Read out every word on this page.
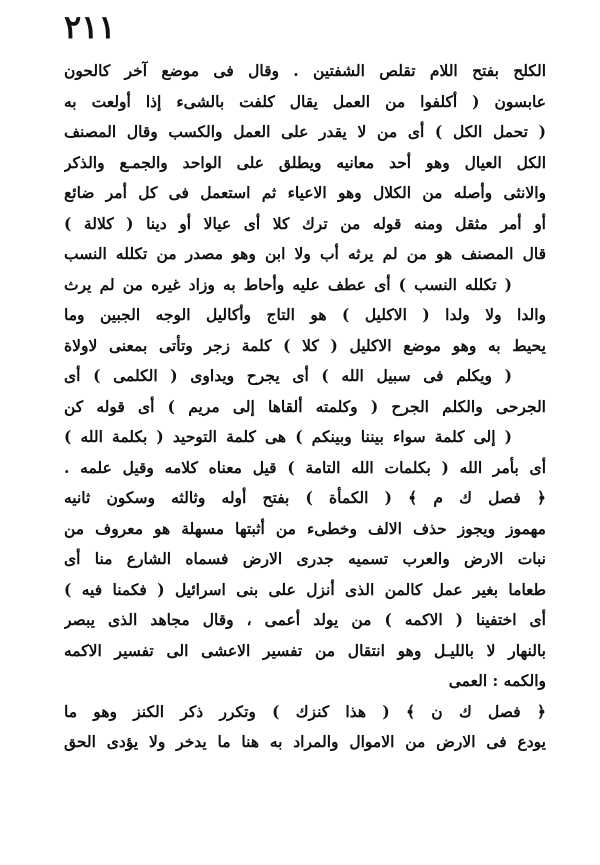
٢١١
الكلح بفتح اللام تقلص الشفتين . وقال فى موضع آخر كالحون
عابسون ( أكلفوا من العمل يقال كلفت بالشىء إذا أولعت به
( تحمل الكل ) أى من لا يقدر على العمل والكسب وقال المصنف
الكل العيال وهو أحد معانيه ويطلق على الواحد والجمـع والذكر
والانثى وأصله من الكلال وهو الاعياء ثم استعمل فى كل أمر ضائع
أو أمر مثقل ومنه قوله من ترك كلا أى عيالا أو دينا ( كلالة )
قال المصنف هو من لم يرثه أب ولا ابن وهو مصدر من تكلله النسب
( تكلله النسب ) أى عطف عليه وأحاط به وزاد غيره من لم يرث
والدا ولا ولدا ( الاكليل ) هو التاج وأكاليل الوجه الجبين وما
يحيط به وهو موضع الاكليل ( كلا ) كلمة زجر وتأتى بمعنى لاولاة
( ويكلم فى سبيل الله ) أى يجرح ويداوى ( الكلمى ) أى
الجرحى والكلم الجرح ( وكلمته ألقاها إلى مريم ) أى قوله كن
( إلى كلمة سواء بيننا وبينكم ) هى كلمة التوحيد ( بكلمة الله )
أى بأمر الله ( بكلمات الله التامة ) قيل معناه كلامه وقيل علمه .
﴿ فصل ك م ﴾ ( الكمأة ) بفتح أوله وثالثه وسكون ثانيه
مهموز ويجوز حذف الالف وخطىء من أثبتها مسهلة هو معروف من
نبات الارض والعرب تسميه جدرى الارض فسماه الشارع منا أى
طعاما بغير عمل كالمن الذى أنزل على بنى اسرائيل ( فكمنا فيه )
أى اختفينا ( الاكمه ) من يولد أعمى ، وقال مجاهد الذى يبصر
بالنهار لا بالليـل وهو انتقال من تفسير الاعشى الى تفسير الاكمه
والكمه : العمى
﴿ فصل ك ن ﴾ ( هذا كنزك ) وتكرر ذكر الكنز وهو ما
يودع فى الارض من الاموال والمراد به هنا ما يدخر ولا يؤدى الحق
